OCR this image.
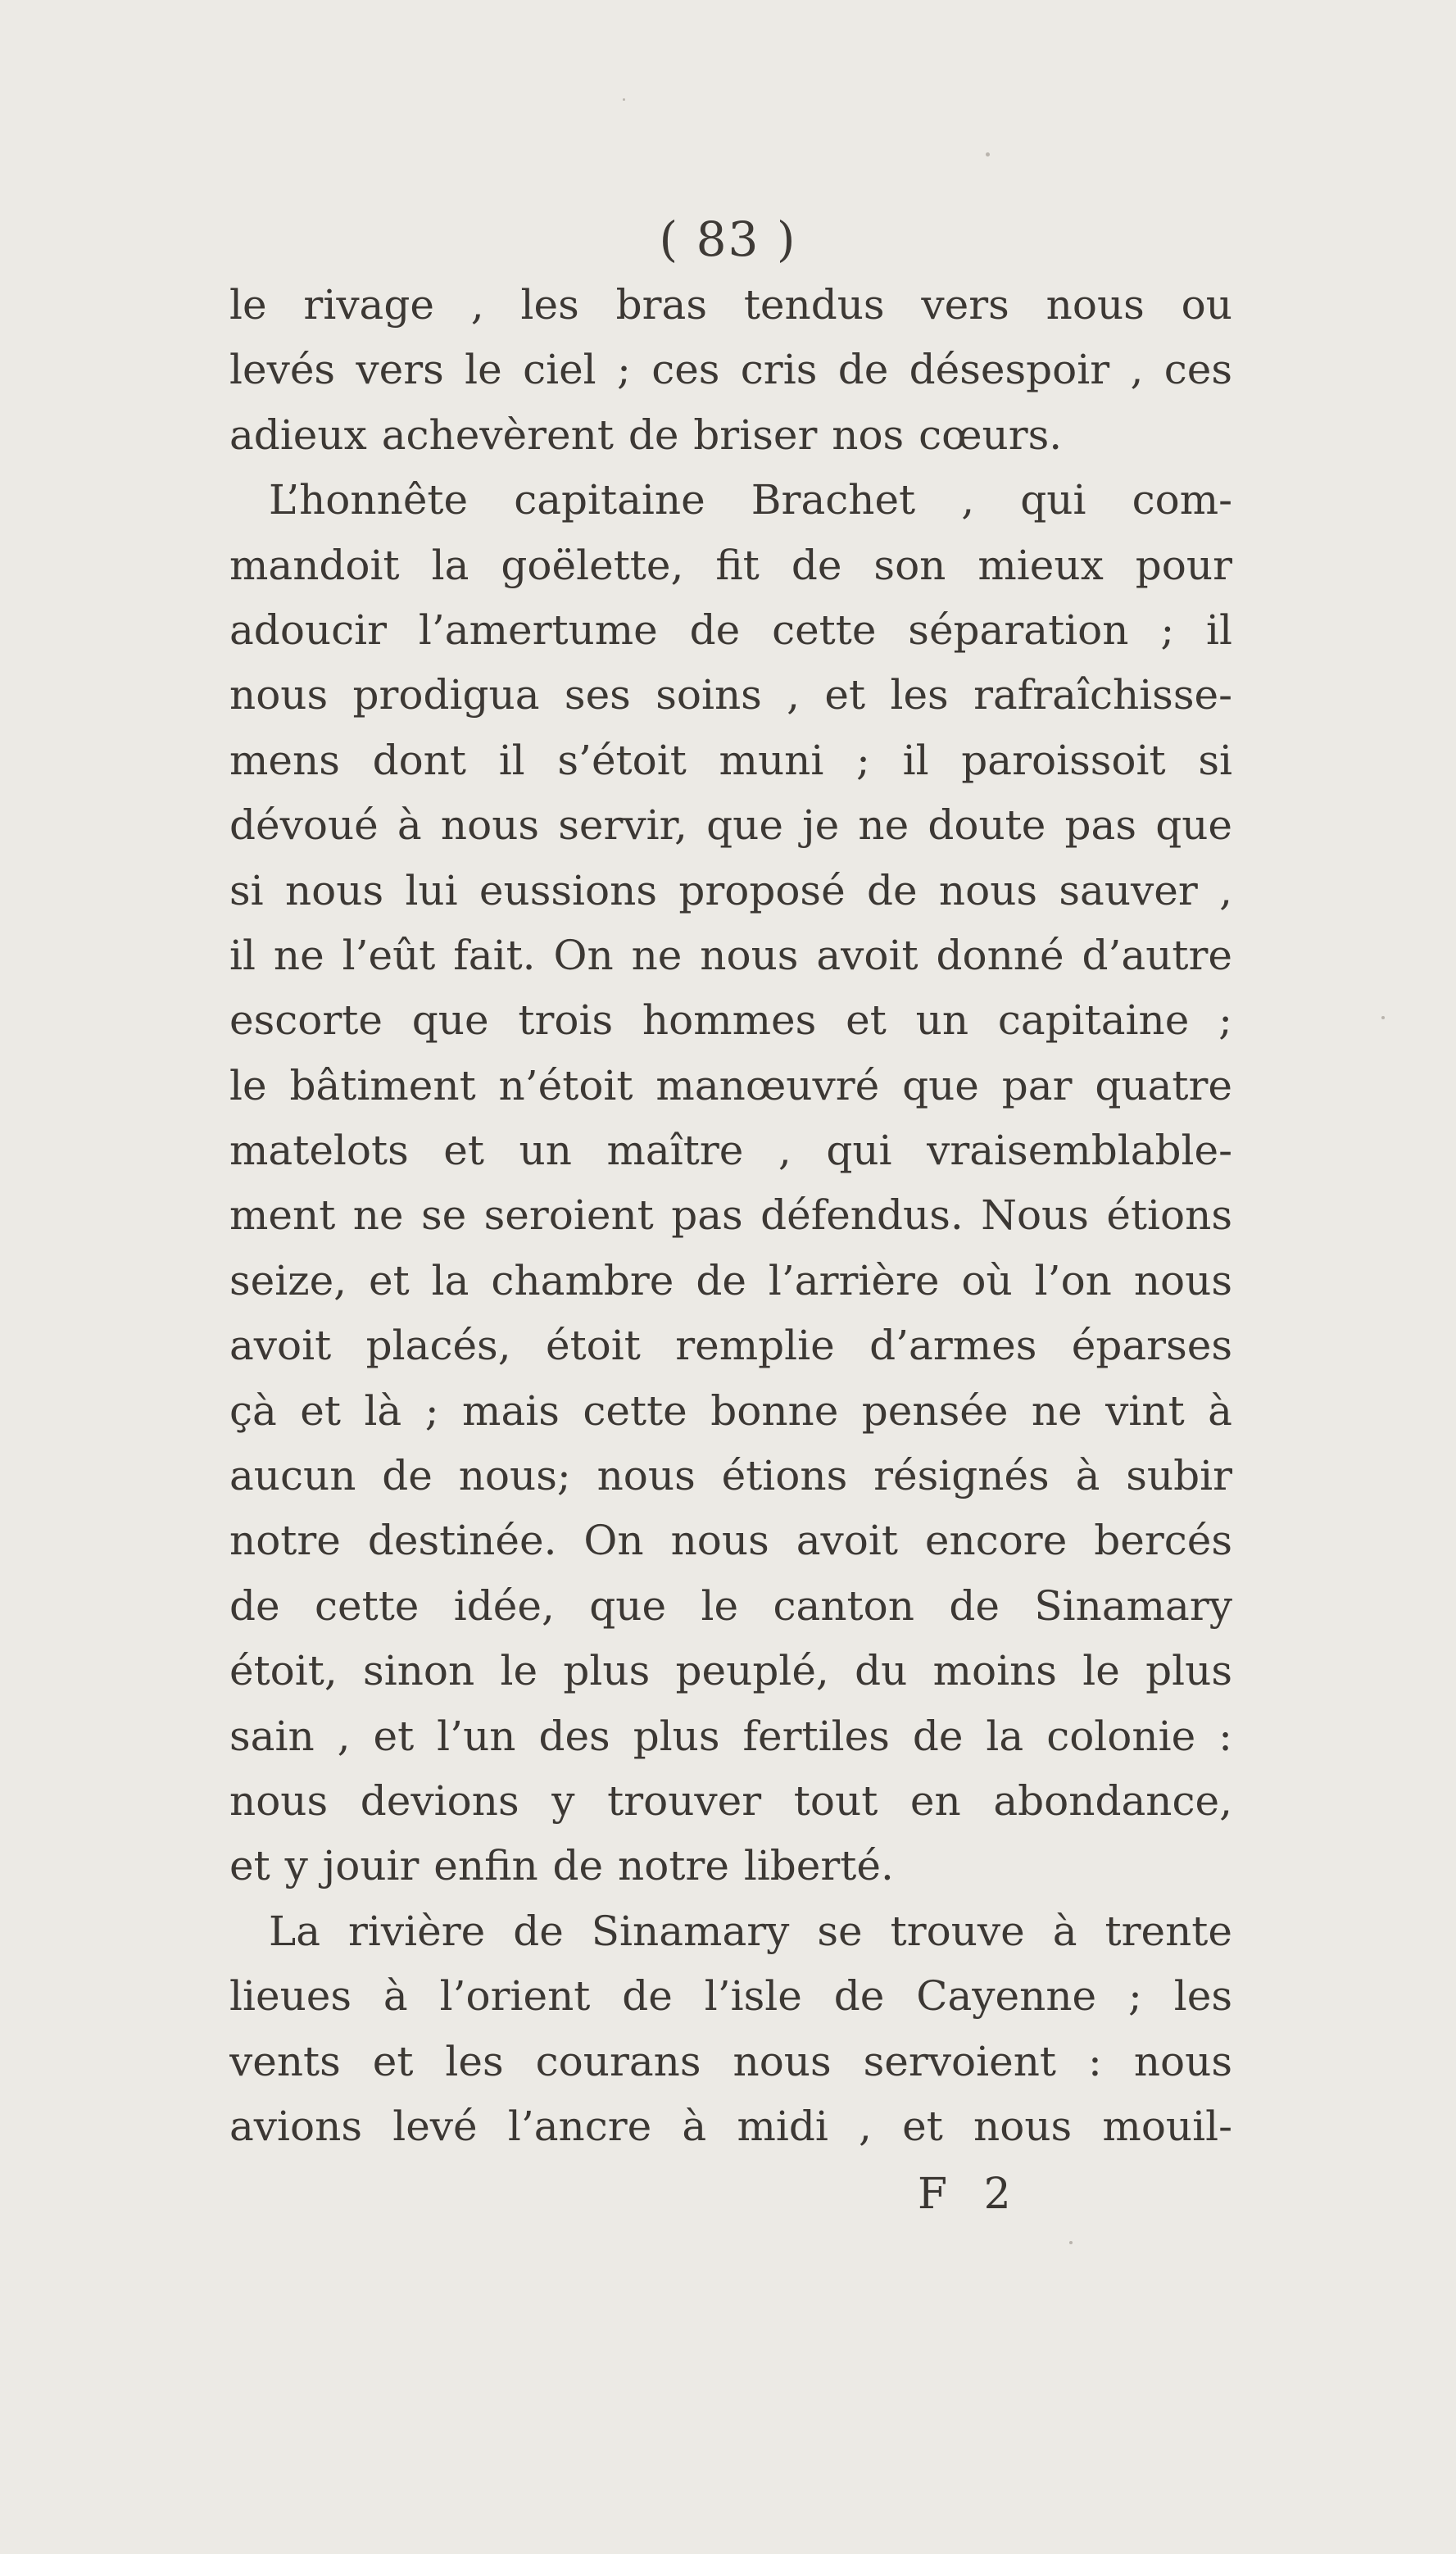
( 83 )
le rivage , les bras tendus vers nous ou
levés vers le ciel ; ces cris de désespoir , ces
adieux achevèrent de briser nos cœurs.
L’honnête capitaine Brachet , qui com-
mandoit la goëlette, fit de son mieux pour
adoucir l’amertume de cette séparation ; il
nous prodigua ses soins , et les rafraîchisse-
mens dont il s’étoit muni ; il paroissoit si
dévoué à nous servir, que je ne doute pas que
si nous lui eussions proposé de nous sauver ,
il ne l’eût fait. On ne nous avoit donné d’autre
escorte que trois hommes et un capitaine ;
le bâtiment n’étoit manœuvré que par quatre
matelots et un maître , qui vraisemblable-
ment ne se seroient pas défendus. Nous étions
seize, et la chambre de l’arrière où l’on nous
avoit placés, étoit remplie d’armes éparses
çà et là ; mais cette bonne pensée ne vint à
aucun de nous; nous étions résignés à subir
notre destinée. On nous avoit encore bercés
de cette idée, que le canton de Sinamary
étoit, sinon le plus peuplé, du moins le plus
sain , et l’un des plus fertiles de la colonie :
nous devions y trouver tout en abondance,
et y jouir enfin de notre liberté.
La rivière de Sinamary se trouve à trente
lieues à l’orient de l’isle de Cayenne ; les
vents et les courans nous servoient : nous
avions levé l’ancre à midi , et nous mouil-
F 2
